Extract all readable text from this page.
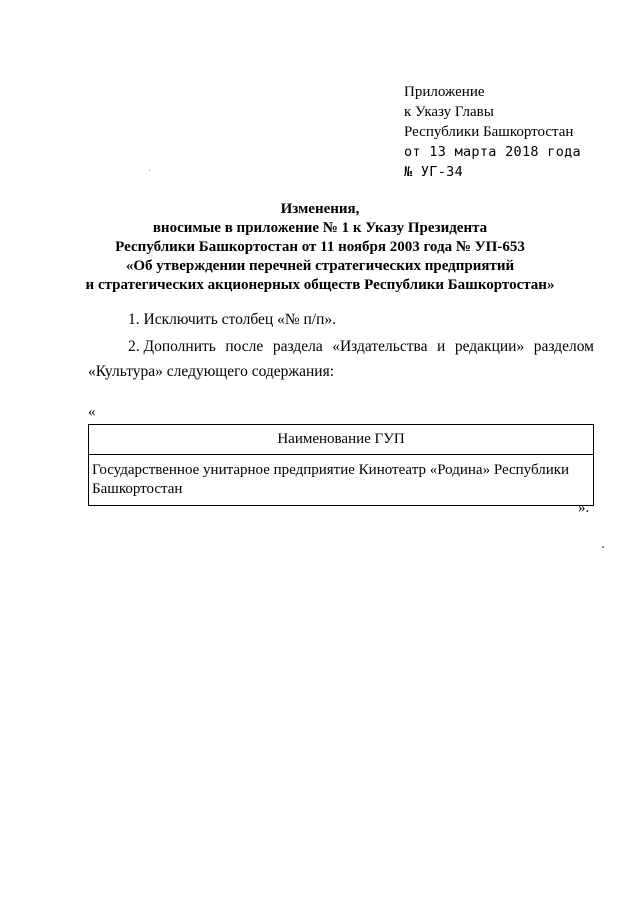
Приложение
к Указу Главы
Республики Башкортостан
от 13 марта 2018 года
№ УГ-34
Изменения,
вносимые в приложение № 1 к Указу Президента
Республики Башкортостан от 11 ноября 2003 года № УП-653
«Об утверждении перечней стратегических предприятий
и стратегических акционерных обществ Республики Башкортостан»
1. Исключить столбец «№ п/п».
2. Дополнить после раздела «Издательства и редакции» разделом
«Культура» следующего содержания:
«
Наименование ГУП
Государственное унитарное предприятие Кинотеатр «Родина» Республики Башкортостан
».
